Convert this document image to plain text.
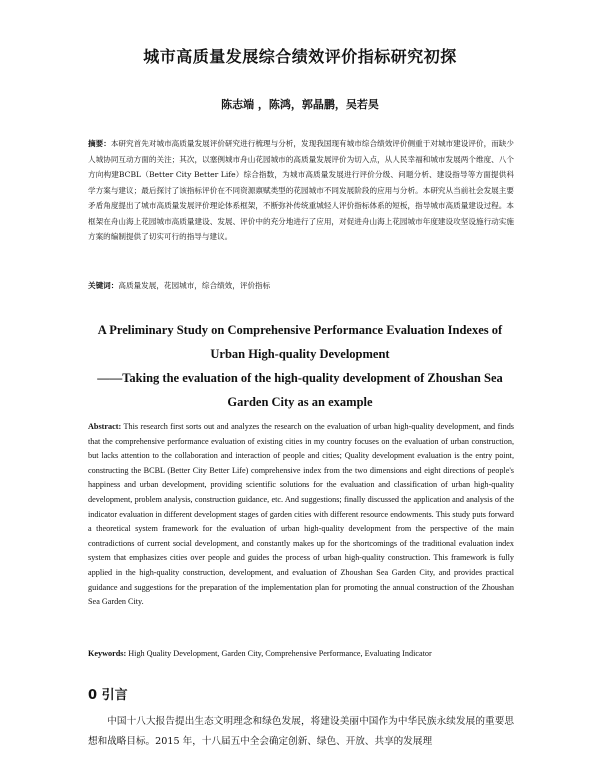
城市高质量发展综合绩效评价指标研究初探
陈志端 ，陈鸿，郭晶鹏，吴若昊
摘要：本研究首先对城市高质量发展评价研究进行梳理与分析，发现我国现有城市综合绩效评价侧重于对城市建设评价，而缺少人城协同互动方面的关注；其次，以塞例城市舟山花园城市的高质量发展评价为切入点，从人民幸福和城市发展两个维度、八个方向构建BCBL（Better City Better Life）综合指数，为城市高质量发展进行评价分级、问题分析、建设指导等方面提供科学方案与建议；最后探讨了该指标评价在不同资源禀赋类型的花园城市不同发展阶段的应用与分析。本研究从当前社会发展主要矛盾角度提出了城市高质量发展评价理论体系框架，不断弥补传统重城轻人评价指标体系的短板，指导城市高质量建设过程。本框架在舟山海上花园城市高质量建设、发展、评价中的充分地进行了应用，对促进舟山海上花园城市年度建设攻坚设施行动实施方案的编制提供了切实可行的指导与建议。
关键词：高质量发展，花园城市，综合绩效，评价指标
A Preliminary Study on Comprehensive Performance Evaluation Indexes of
Urban High-quality Development
——Taking the evaluation of the high-quality development of Zhoushan Sea
Garden City as an example
Abstract: This research first sorts out and analyzes the research on the evaluation of urban high-quality development, and finds that the comprehensive performance evaluation of existing cities in my country focuses on the evaluation of urban construction, but lacks attention to the collaboration and interaction of people and cities; Quality development evaluation is the entry point, constructing the BCBL (Better City Better Life) comprehensive index from the two dimensions and eight directions of people's happiness and urban development, providing scientific solutions for the evaluation and classification of urban high-quality development, problem analysis, construction guidance, etc. And suggestions; finally discussed the application and analysis of the indicator evaluation in different development stages of garden cities with different resource endowments. This study puts forward a theoretical system framework for the evaluation of urban high-quality development from the perspective of the main contradictions of current social development, and constantly makes up for the shortcomings of the traditional evaluation index system that emphasizes cities over people and guides the process of urban high-quality construction. This framework is fully applied in the high-quality construction, development, and evaluation of Zhoushan Sea Garden City, and provides practical guidance and suggestions for the preparation of the implementation plan for promoting the annual construction of the Zhoushan Sea Garden City.
Keywords: High Quality Development, Garden City, Comprehensive Performance, Evaluating Indicator
0 引言
中国十八大报告提出生态文明理念和绿色发展，将建设美丽中国作为中华民族永续发展的重要思想和战略目标。2015 年，十八届五中全会确定创新、绿色、开放、共享的发展理
